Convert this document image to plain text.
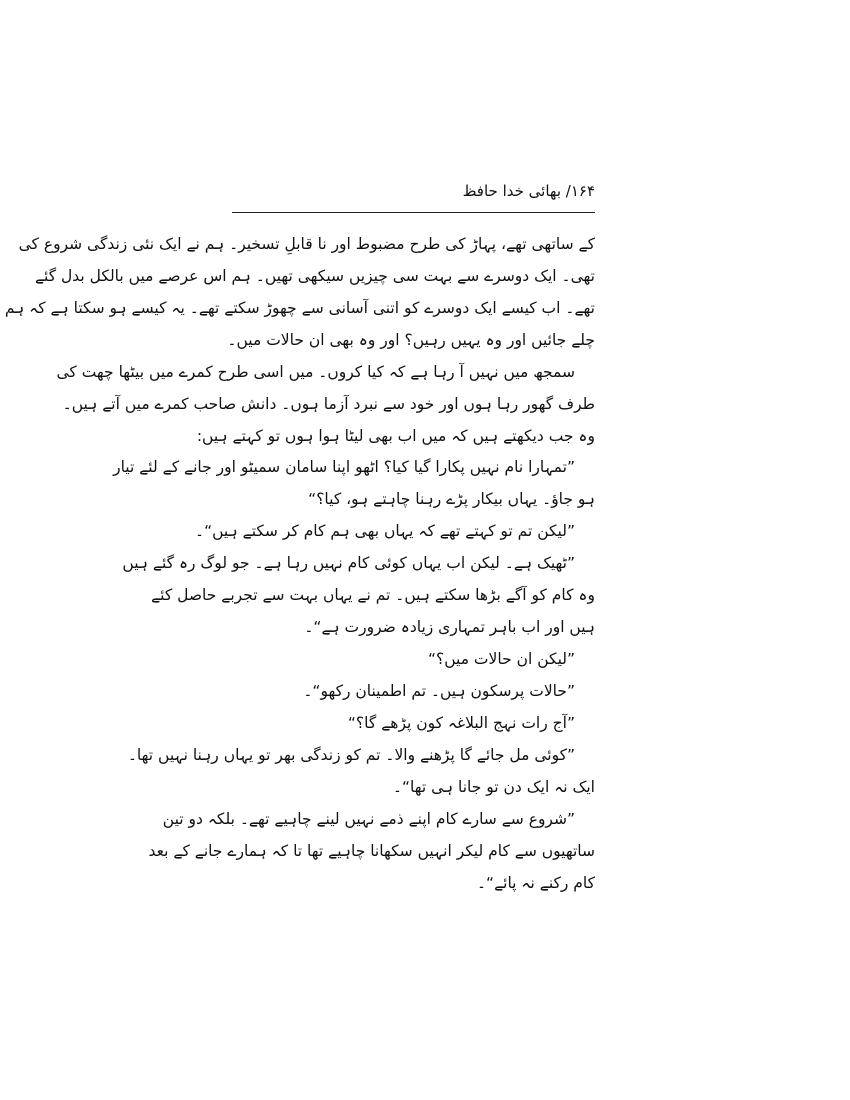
۱۶۴/ بھائی خدا حافظ
کے ساتھی تھے، پہاڑ کی طرح مضبوط اور نا قابلِ تسخیر۔ ہم نے ایک نئی زندگی شروع کی
تھی۔ ایک دوسرے سے بہت سی چیزیں سیکھی تھیں۔ ہم اس عرصے میں بالکل بدل گئے
تھے۔ اب کیسے ایک دوسرے کو اتنی آسانی سے چھوڑ سکتے تھے۔ یہ کیسے ہو سکتا ہے کہ ہم
چلے جائیں اور وہ یہیں رہیں؟ اور وہ بھی ان حالات میں۔
سمجھ میں نہیں آ رہا ہے کہ کیا کروں۔ میں اسی طرح کمرے میں بیٹھا چھت کی
طرف گھور رہا ہوں اور خود سے نبرد آزما ہوں۔ دانش صاحب کمرے میں آتے ہیں۔
وہ جب دیکھتے ہیں کہ میں اب بھی لیٹا ہوا ہوں تو کہتے ہیں:
”تمہارا نام نہیں پکارا گیا کیا؟ اٹھو اپنا سامان سمیٹو اور جانے کے لئے تیار
ہو جاؤ۔ یہاں بیکار پڑے رہنا چاہتے ہو، کیا؟“
”لیکن تم تو کہتے تھے کہ یہاں بھی ہم کام کر سکتے ہیں“۔
”ٹھیک ہے۔ لیکن اب یہاں کوئی کام نہیں رہا ہے۔ جو لوگ رہ گئے ہیں
وہ کام کو آگے بڑھا سکتے ہیں۔ تم نے یہاں بہت سے تجربے حاصل کئے
ہیں اور اب باہر تمہاری زیادہ ضرورت ہے“۔
”لیکن ان حالات میں؟“
”حالات پرسکون ہیں۔ تم اطمینان رکھو“۔
”آج رات نہج البلاغہ کون پڑھے گا؟“
”کوئی مل جائے گا پڑھنے والا۔ تم کو زندگی بھر تو یہاں رہنا نہیں تھا۔
ایک نہ ایک دن تو جانا ہی تھا“۔
”شروع سے سارے کام اپنے ذمے نہیں لینے چاہیے تھے۔ بلکہ دو تین
ساتھیوں سے کام لیکر انہیں سکھانا چاہیے تھا تا کہ ہمارے جانے کے بعد
کام رکنے نہ پائے“۔
